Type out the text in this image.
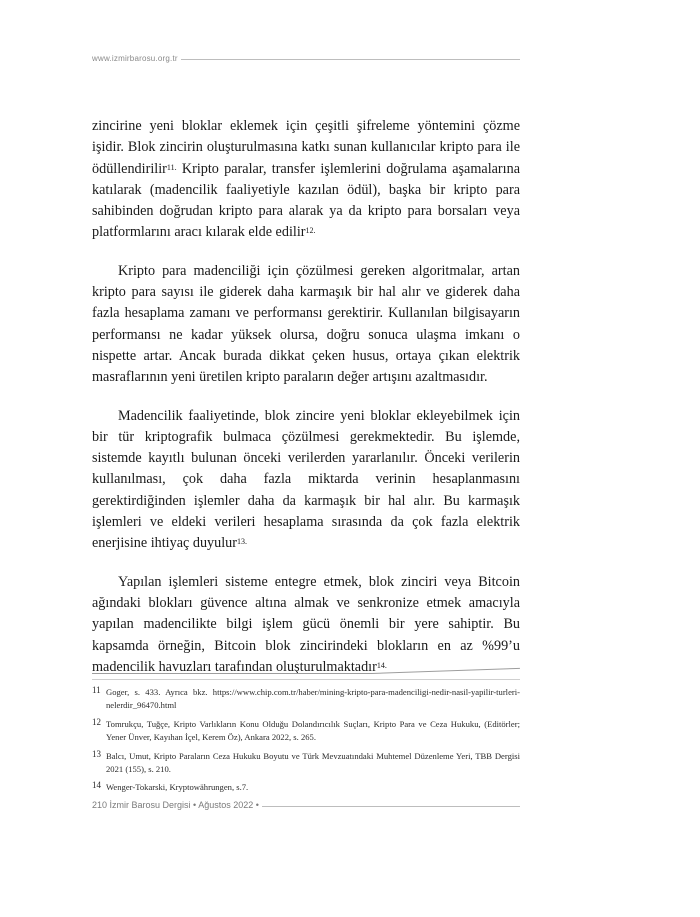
www.izmirbarosu.org.tr

zincirine yeni bloklar eklemek için çeşitli şifreleme yöntemini çözme işidir. Blok zincirin oluşturulmasına katkı sunan kullanıcılar kripto para ile ödüllendirilir$^{11.}$ Kripto paralar, transfer işlemlerini doğrulama aşamalarına katılarak (madencilik faaliyetiyle kazılan ödül), başka bir kripto para sahibinden doğrudan kripto para alarak ya da kripto para borsaları veya platformlarını aracı kılarak elde edilir$^{12.}$

Kripto para madenciliği için çözülmesi gereken algoritmalar, artan kripto para sayısı ile giderek daha karmaşık bir hal alır ve giderek daha fazla hesaplama zamanı ve performansı gerektirir. Kullanılan bilgisayarın performansı ne kadar yüksek olursa, doğru sonuca ulaşma imkanı o nispette artar. Ancak burada dikkat çeken husus, ortaya çıkan elektrik masraflarının yeni üretilen kripto paraların değer artışını azaltmasıdır.

Madencilik faaliyetinde, blok zincire yeni bloklar ekleyebilmek için bir tür kriptografik bulmaca çözülmesi gerekmektedir. Bu işlemde, sistemde kayıtlı bulunan önceki verilerden yararlanılır. Önceki verilerin kullanılması, çok daha fazla miktarda verinin hesaplanmasını gerektirdiğinden işlemler daha da karmaşık bir hal alır. Bu karmaşık işlemleri ve eldeki verileri hesaplama sırasında da çok fazla elektrik enerjisine ihtiyaç duyulur$^{13.}$

Yapılan işlemleri sisteme entegre etmek, blok zinciri veya Bitcoin ağındaki blokları güvence altına almak ve senkronize etmek amacıyla yapılan madencilikte bilgi işlem gücü önemli bir yere sahiptir. Bu kapsamda örneğin, Bitcoin blok zincirindeki blokların en az %99’u madencilik havuzları tarafından oluşturulmaktadır$^{14.}$

11 Goger, s. 433. Ayrıca bkz. https://www.chip.com.tr/haber/mining-kripto-para-madenciligi-nedir-nasil-yapilir-turleri-nelerdir_96470.html
12 Tomrukçu, Tuğçe, Kripto Varlıkların Konu Olduğu Dolandırıcılık Suçları, Kripto Para ve Ceza Hukuku, (Editörler; Yener Ünver, Kayıhan İçel, Kerem Öz), Ankara 2022, s. 265.
13 Balcı, Umut, Kripto Paraların Ceza Hukuku Boyutu ve Türk Mevzuatındaki Muhtemel Düzenleme Yeri, TBB Dergisi 2021 (155), s. 210.
14 Wenger-Tokarski, Kryptowährungen, s.7.
210 İzmir Barosu Dergisi • Ağustos 2022 •
